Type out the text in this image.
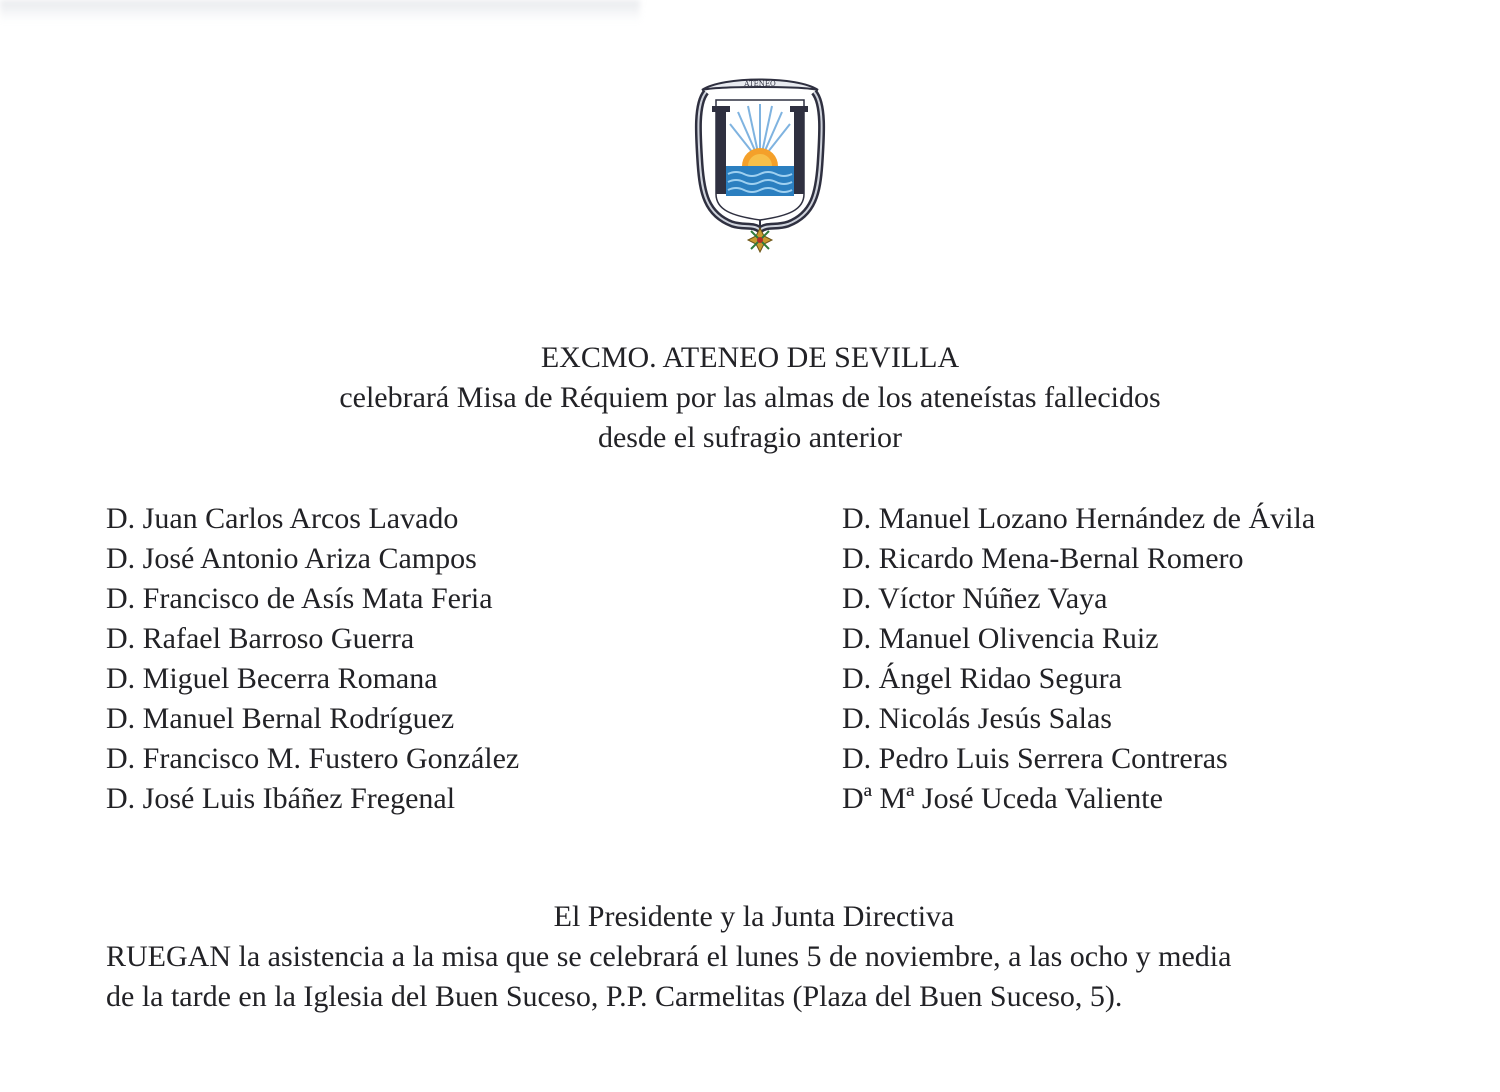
ATENEO
EXCMO. ATENEO DE SEVILLA
celebrará Misa de Réquiem por las almas de los ateneístas fallecidos
desde el sufragio anterior
D. Juan Carlos Arcos Lavado
D. José Antonio Ariza Campos
D. Francisco de Asís Mata Feria
D. Rafael Barroso Guerra
D. Miguel Becerra Romana
D. Manuel Bernal Rodríguez
D. Francisco M. Fustero González
D. José Luis Ibáñez Fregenal
D. Manuel Lozano Hernández de Ávila
D. Ricardo Mena-Bernal Romero
D. Víctor Núñez Vaya
D. Manuel Olivencia Ruiz
D. Ángel Ridao Segura
D. Nicolás Jesús Salas
D. Pedro Luis Serrera Contreras
Dª Mª José Uceda Valiente
El Presidente y la Junta Directiva
RUEGAN la asistencia a la misa que se celebrará el lunes 5 de noviembre, a las ocho y media
de la tarde en la Iglesia del Buen Suceso, P.P. Carmelitas (Plaza del Buen Suceso, 5).
